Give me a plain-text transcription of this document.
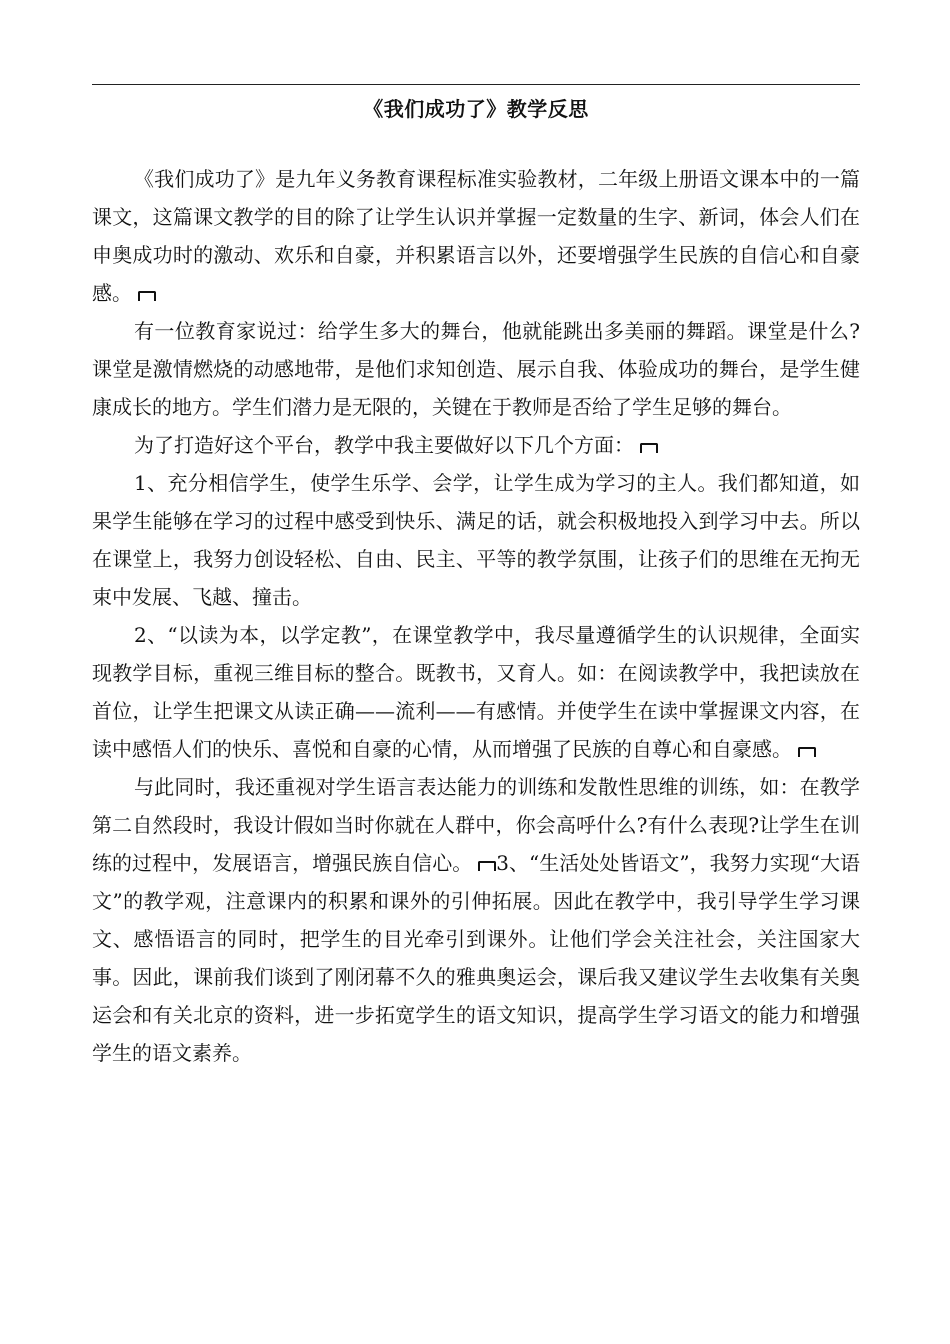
《我们成功了》教学反思

《我们成功了》是九年义务教育课程标准实验教材，二年级上册语文课本中的一篇课文，这篇课文教学的目的除了让学生认识并掌握一定数量的生字、新词，体会人们在申奥成功时的激动、欢乐和自豪，并积累语言以外，还要增强学生民族的自信心和自豪感。

有一位教育家说过：给学生多大的舞台，他就能跳出多美丽的舞蹈。课堂是什么?课堂是激情燃烧的动感地带，是他们求知创造、展示自我、体验成功的舞台，是学生健康成长的地方。学生们潜力是无限的，关键在于教师是否给了学生足够的舞台。

为了打造好这个平台，教学中我主要做好以下几个方面：

1、充分相信学生，使学生乐学、会学，让学生成为学习的主人。我们都知道，如果学生能够在学习的过程中感受到快乐、满足的话，就会积极地投入到学习中去。所以在课堂上，我努力创设轻松、自由、民主、平等的教学氛围，让孩子们的思维在无拘无束中发展、飞越、撞击。

2、“以读为本，以学定教”，在课堂教学中，我尽量遵循学生的认识规律，全面实现教学目标，重视三维目标的整合。既教书，又育人。如：在阅读教学中，我把读放在首位，让学生把课文从读正确——流利——有感情。并使学生在读中掌握课文内容，在读中感悟人们的快乐、喜悦和自豪的心情，从而增强了民族的自尊心和自豪感。

与此同时，我还重视对学生语言表达能力的训练和发散性思维的训练，如：在教学第二自然段时，我设计假如当时你就在人群中，你会高呼什么?有什么表现?让学生在训练的过程中，发展语言，增强民族自信心。 3、“生活处处皆语文”，我努力实现“大语文”的教学观，注意课内的积累和课外的引伸拓展。因此在教学中，我引导学生学习课文、感悟语言的同时，把学生的目光牵引到课外。让他们学会关注社会，关注国家大事。因此，课前我们谈到了刚闭幕不久的雅典奥运会，课后我又建议学生去收集有关奥运会和有关北京的资料，进一步拓宽学生的语文知识，提高学生学习语文的能力和增强学生的语文素养。
